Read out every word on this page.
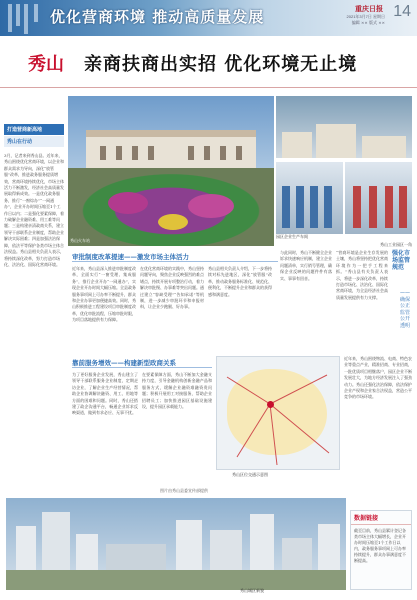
优化营商环境 推动高质量发展	重庆日报
2021年3月7日 星期日
编辑 ×× 版式 ××
14
秀山 亲商扶商出实招 优化环境无止境
打造营商新高地
秀山在行动
3月，记者来到秀山县。近年来，秀山围绕优化营商环境，以企业和群众需求为导向，深化“放管服”改革，推进政务服务提质增效，营商环境持续优化，市场主体活力不断激发，经济社会高质量发展取得新成效。一是优化政务服务，推行“一窗综办”“一网通办”，企业开办时间压缩至1个工作日以内；二是强化要素保障，着力破解企业融资难、用工难等问题；三是构建亲清政商关系，建立领导干部联系企业制度，帮助企业解决实际困难；四是加强法治保障，依法平等保护各类市场主体合法权益。秀山县相关负责人表示，将持续深化改革，努力打造市场化、法治化、国际化营商环境。
秀山火车站
园区企业生产车间
秀山工业园区一角
审批制度改革提速——激发市场主体活力
近年来，秀山县深入推进审批制度改革，全面实行“一窗受理、集成服务”，推行企业开办“一网通办”，实现企业开办时间大幅压缩。全县政务服务事项网上可办率不断提升，群众和企业办事更加便捷高效。同时，秀山积极推进工程建设项目审批制度改革，优化审批流程，压缩审批时限，为项目落地提供有力保障。
在优化营商环境的实践中，秀山坚持问题导向，聚焦企业反映强烈的难点堵点，持续开展专项整治行动，着力解决审批慢、办事难等突出问题。通过建立“容缺受理”“告知承诺”等机制，进一步减少审批环节和申报材料，让企业少跑腿、好办事。
秀山县相关负责人介绍，下一步将持续对标先进地区，深化“放管服”改革，推动政务服务标准化、规范化、便利化，不断提升企业和群众的获得感和满意度。
靠前服务增效——构建新型政商关系
为了更好服务企业发展，秀山建立了领导干部联系服务企业制度，定期走访企业，了解企业生产经营情况，帮助企业协调解决融资、用工、用地等方面的困难和问题。同时，秀山还搭建了政企沟通平台，畅通企业诉求反映渠道，做到有求必应、无事不扰。
在要素保障方面，秀山不断加大金融支持力度，引导金融机构创新金融产品和服务方式，缓解企业融资难融资贵问题；积极开展用工对接服务，帮助企业招聘员工；加快推进园区基础设施建设，提升园区承载能力。
秀山区位交通示意图
与此同时，秀山不断健全企业诉求快速响应机制，建立企业问题清单，实行销号管理，确保企业反映的问题件件有落实、事事有回音。
“营商环境是企业生存发展的土壤，秀山将坚持把优化营商环境作为一把手工程来抓。”秀山县有关负责人表示，将进一步深化改革，持续打造市场化、法治化、国际化营商环境，为全县经济社会高质量发展提供有力支撑。
近年来，秀山围绕物流、电商、特色农业等重点产业，精准招商、专业招商，一批优质项目相继落户，园区企业不断发展壮大，为地方经济发展注入了强劲动力。秀山还强化法治保障，依法保护企业产权和企业家合法权益，营造公平竞争的市场环境。
强化市场监管规范
——确保公正监管公开透明
图片由秀山县委宣传部提供
秀山城区新貌
数据链接
截至目前，秀山县累计登记各类市场主体大幅增长，企业开办时间压缩至1个工作日以内，政务服务事项网上可办率持续提升，群众办事满意度不断提高。
